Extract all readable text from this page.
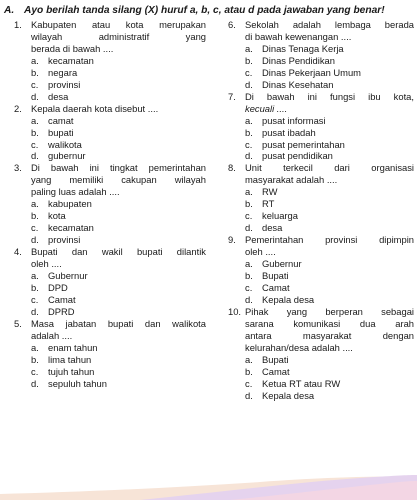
A. Ayo berilah tanda silang (X) huruf a, b, c, atau d pada jawaban yang benar!
1. Kabupaten atau kota merupakan
wilayah administratif yang
berada di bawah ....
a. kecamatan
b. negara
c.	provinsi
d. desa
2. Kepala daerah kota disebut ....
a. camat
b. bupati
c.	walikota
d. gubernur
3. Di bawah ini tingkat pemerintahan
yang memiliki cakupan wilayah
paling luas adalah ....
a. kabupaten
b. kota
c.	kecamatan
d. provinsi
4. Bupati dan wakil bupati dilantik
oleh ....
a. Gubernur
b. DPD
c.	Camat
d. DPRD
5. Masa jabatan bupati dan walikota
adalah ....
a. enam tahun
b. lima tahun
c.	tujuh tahun
d. sepuluh tahun
6. Sekolah adalah lembaga berada
di bawah kewenangan ....
a. Dinas Tenaga Kerja
b. Dinas Pendidikan
c.	Dinas Pekerjaan Umum
d. Dinas Kesehatan
7. Di bawah ini fungsi ibu kota,
kecuali ....
a. pusat informasi
b. pusat ibadah
c.	pusat pemerintahan
d. pusat pendidikan
8. Unit terkecil dari organisasi
masyarakat adalah ....
a. RW
b. RT
c.	keluarga
d. desa
9. Pemerintahan provinsi dipimpin
oleh ....
a. Gubernur
b. Bupati
c.	Camat
d. Kepala desa
10. Pihak yang berperan sebagai
sarana komunikasi dua arah
antara masyarakat dengan
kelurahan/desa adalah ....
a. Bupati
b. Camat
c.	Ketua RT atau RW
d. Kepala desa
